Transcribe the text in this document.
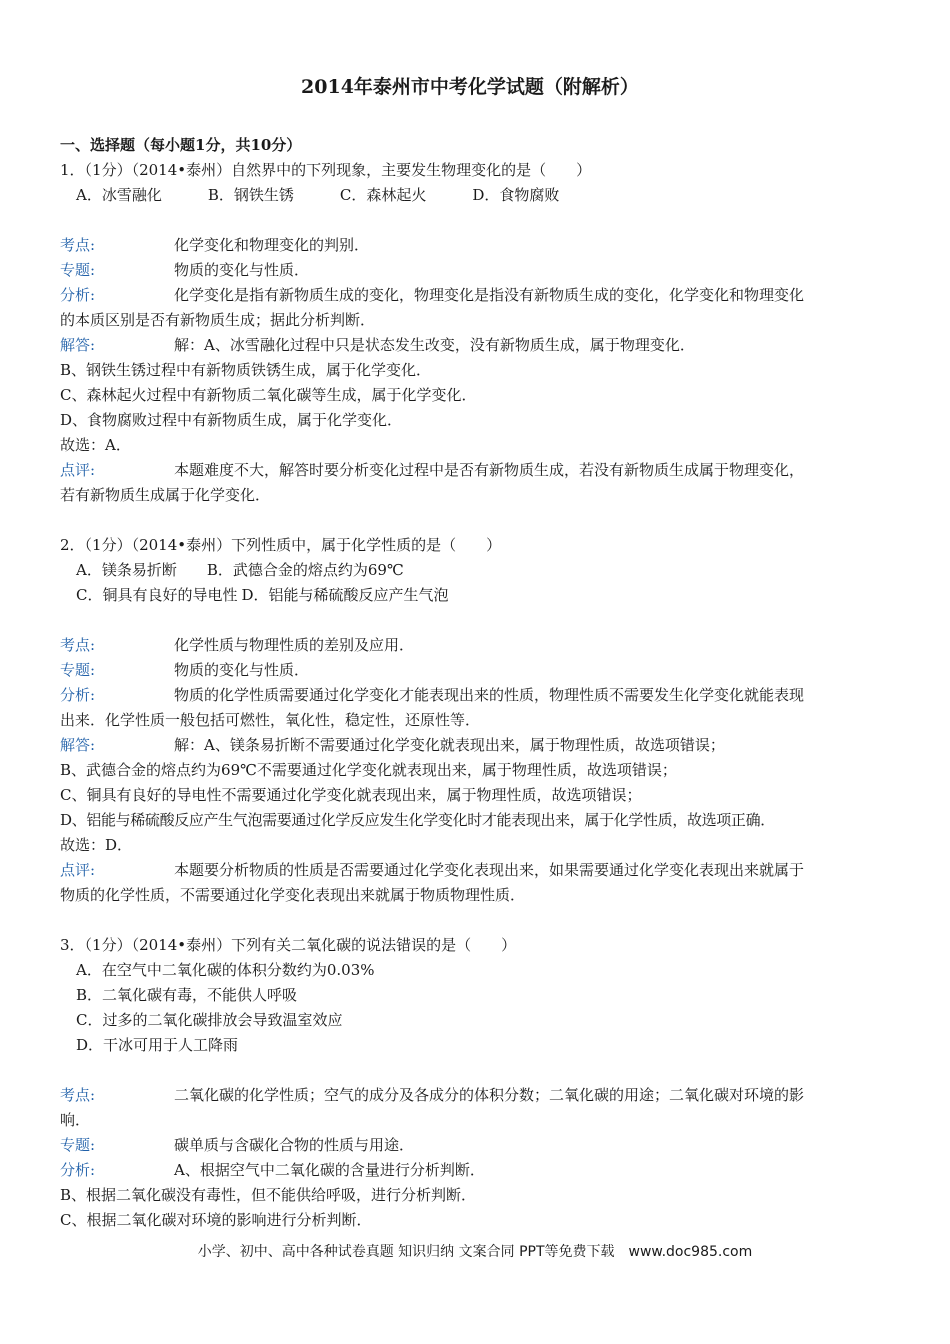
2014年泰州市中考化学试题（附解析）
一、选择题（每小题1分，共10分）
1．（1分）（2014•泰州）自然界中的下列现象，主要发生物理变化的是（　　）
A．冰雪融化	B．钢铁生锈	C．森林起火	D．食物腐败
考点:	化学变化和物理变化的判别．
专题:	物质的变化与性质．
分析:	化学变化是指有新物质生成的变化，物理变化是指没有新物质生成的变化，化学变化和物理变化
的本质区别是否有新物质生成；据此分析判断．
解答:	解：A、冰雪融化过程中只是状态发生改变，没有新物质生成，属于物理变化．
B、钢铁生锈过程中有新物质铁锈生成，属于化学变化．
C、森林起火过程中有新物质二氧化碳等生成，属于化学变化．
D、食物腐败过程中有新物质生成，属于化学变化．
故选：A．
点评:	本题难度不大，解答时要分析变化过程中是否有新物质生成，若没有新物质生成属于物理变化，
若有新物质生成属于化学变化．
2．（1分）（2014•泰州）下列性质中，属于化学性质的是（　　）
A．镁条易折断 B．武德合金的熔点约为69℃
C．铜具有良好的导电性 D．铝能与稀硫酸反应产生气泡
考点:	化学性质与物理性质的差别及应用．
专题:	物质的变化与性质．
分析:	物质的化学性质需要通过化学变化才能表现出来的性质，物理性质不需要发生化学变化就能表现
出来．化学性质一般包括可燃性，氧化性，稳定性，还原性等．
解答:	解：A、镁条易折断不需要通过化学变化就表现出来，属于物理性质，故选项错误；
B、武德合金的熔点约为69℃不需要通过化学变化就表现出来，属于物理性质，故选项错误；
C、铜具有良好的导电性不需要通过化学变化就表现出来，属于物理性质，故选项错误；
D、铝能与稀硫酸反应产生气泡需要通过化学反应发生化学变化时才能表现出来，属于化学性质，故选项正确．
故选：D．
点评:	本题要分析物质的性质是否需要通过化学变化表现出来，如果需要通过化学变化表现出来就属于
物质的化学性质，不需要通过化学变化表现出来就属于物质物理性质．
3．（1分）（2014•泰州）下列有关二氧化碳的说法错误的是（　　）
A．在空气中二氧化碳的体积分数约为0.03%
B．二氧化碳有毒，不能供人呼吸
C．过多的二氧化碳排放会导致温室效应
D．干冰可用于人工降雨
考点:	二氧化碳的化学性质；空气的成分及各成分的体积分数；二氧化碳的用途；二氧化碳对环境的影
响．
专题:	碳单质与含碳化合物的性质与用途．
分析:	A、根据空气中二氧化碳的含量进行分析判断．
B、根据二氧化碳没有毒性，但不能供给呼吸，进行分析判断．
C、根据二氧化碳对环境的影响进行分析判断．
小学、初中、高中各种试卷真题 知识归纳 文案合同 PPT等免费下载　www.doc985.com
